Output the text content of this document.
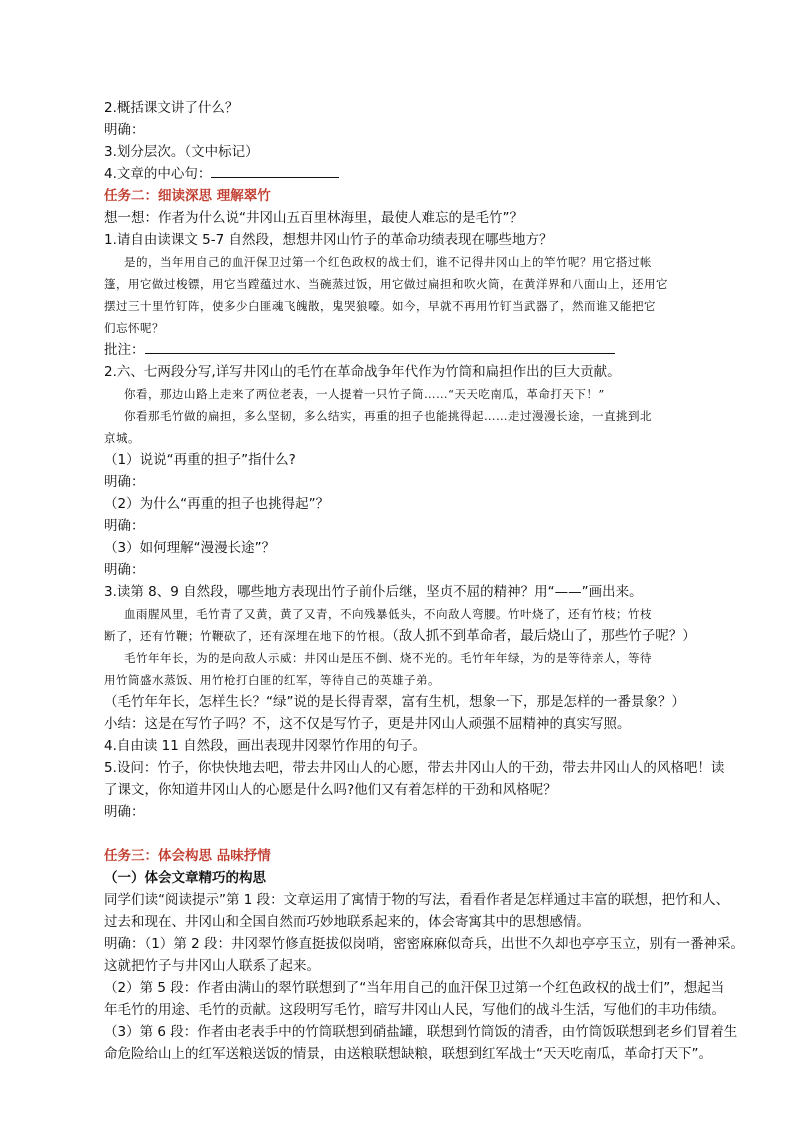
2.概括课文讲了什么？
明确：
3.划分层次。（文中标记）
4.文章的中心句：
任务二：细读深思 理解翠竹
想一想：作者为什么说“井冈山五百里林海里，最使人难忘的是毛竹”？
1.请自由读课文 5-7 自然段，想想井冈山竹子的革命功绩表现在哪些地方？
是的，当年用自己的血汗保卫过第一个红色政权的战士们，谁不记得井冈山上的竿竹呢？用它搭过帐
篷，用它做过梭镖，用它当蹚蕴过水、当碗蒸过饭，用它做过扁担和吹火筒，在黄洋界和八面山上，还用它
摆过三十里竹钉阵，使多少白匪魂飞魄散，鬼哭狼嚎。如今，早就不再用竹钉当武器了，然而谁又能把它
们忘怀呢？
批注：
2.六、七两段分写,详写井冈山的毛竹在革命战争年代作为竹筒和扁担作出的巨大贡献。
你看，那边山路上走来了两位老表，一人提着一只竹子筒……“天天吃南瓜，革命打天下！”
你看那毛竹做的扁担，多么坚韧，多么结实，再重的担子也能挑得起……走过漫漫长途，一直挑到北
京城。
（1）说说“再重的担子”指什么?
明确：
（2）为什么“再重的担子也挑得起”？
明确：
（3）如何理解“漫漫长途”？
明确：
3.读第 8、9 自然段，哪些地方表现出竹子前仆后继，坚贞不屈的精神？用“——”画出来。
血雨腥风里，毛竹青了又黄，黄了又青，不向残暴低头，不向敌人弯腰。竹叶烧了，还有竹枝；竹枝
断了，还有竹鞭；竹鞭砍了，还有深埋在地下的竹根。（敌人抓不到革命者，最后烧山了，那些竹子呢？）
毛竹年年长，为的是向敌人示威：井冈山是压不倒、烧不光的。毛竹年年绿，为的是等待亲人，等待
用竹筒盛水蒸饭、用竹枪打白匪的红军，等待自己的英雄子弟。
（毛竹年年长，怎样生长？“绿”说的是长得青翠，富有生机，想象一下，那是怎样的一番景象？）
小结：这是在写竹子吗？不，这不仅是写竹子，更是井冈山人顽强不屈精神的真实写照。
4.自由读 11 自然段，画出表现井冈翠竹作用的句子。
5.设问：竹子，你快快地去吧，带去井冈山人的心愿，带去井冈山人的干劲，带去井冈山人的风格吧！读
了课文，你知道井冈山人的心愿是什么吗?他们又有着怎样的干劲和风格呢？
明确：
任务三：体会构思 品味抒情
（一）体会文章精巧的构思
同学们读“阅读提示”第 1 段：文章运用了寓情于物的写法，看看作者是怎样通过丰富的联想，把竹和人、
过去和现在、井冈山和全国自然而巧妙地联系起来的，体会寄寓其中的思想感情。
明确：（1）第 2 段：井冈翠竹修直挺拔似岗哨，密密麻麻似奇兵，出世不久却也亭亭玉立，别有一番神采。
这就把竹子与井冈山人联系了起来。
（2）第 5 段：作者由满山的翠竹联想到了“当年用自己的血汗保卫过第一个红色政权的战士们”，想起当
年毛竹的用途、毛竹的贡献。这段明写毛竹，暗写井冈山人民，写他们的战斗生活，写他们的丰功伟绩。
（3）第 6 段：作者由老表手中的竹筒联想到硝盐罐，联想到竹筒饭的清香，由竹筒饭联想到老乡们冒着生
命危险给山上的红军送粮送饭的情景，由送粮联想缺粮，联想到红军战士“天天吃南瓜，革命打天下”。
